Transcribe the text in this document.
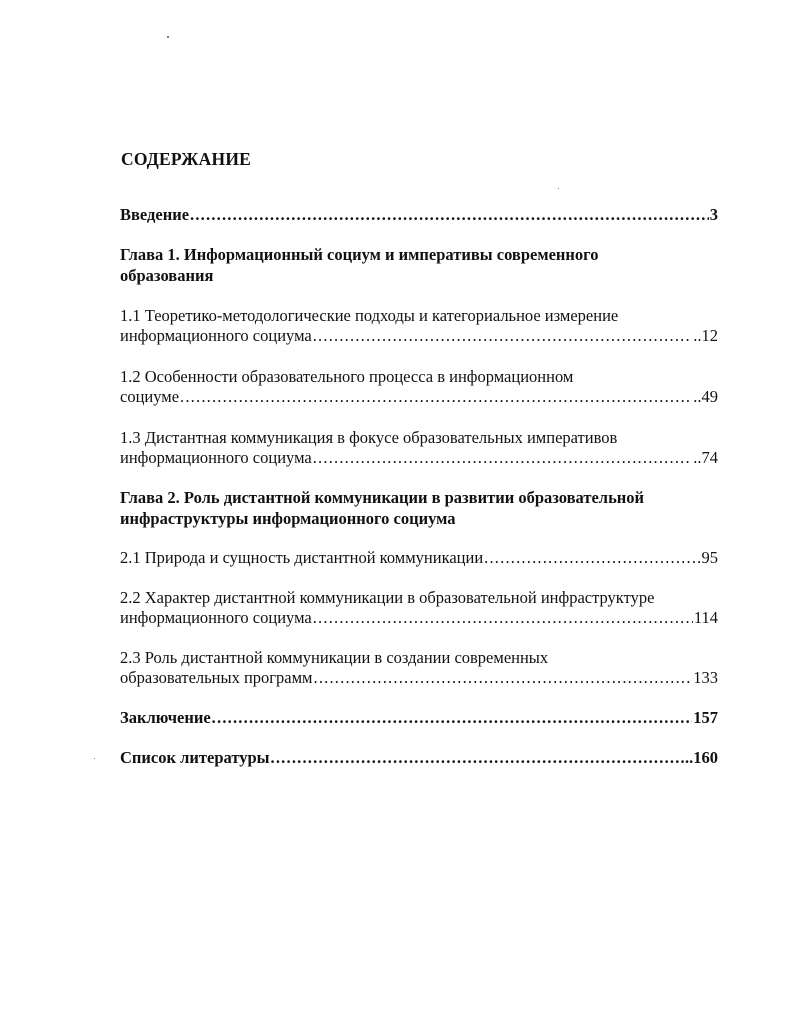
СОДЕРЖАНИЕ
Введение .....	3
Глава 1. Информационный социум и императивы современного
образования
1.1 Теоретико-методологические подходы и категориальное измерение
информационного социума .....	..12
1.2 Особенности образовательного процесса в информационном
социуме .....	..49
1.3 Дистантная коммуникация в фокусе образовательных императивов
информационного социума .....	..74
Глава 2. Роль дистантной коммуникации в развитии образовательной
инфраструктуры информационного социума
2.1 Природа и сущность дистантной коммуникации .....	95
2.2 Характер дистантной коммуникации в образовательной инфраструктуре
информационного социума .....	114
2.3 Роль дистантной коммуникации в создании современных
образовательных программ .....	133
Заключение .....	157
Список литературы .....	..160
